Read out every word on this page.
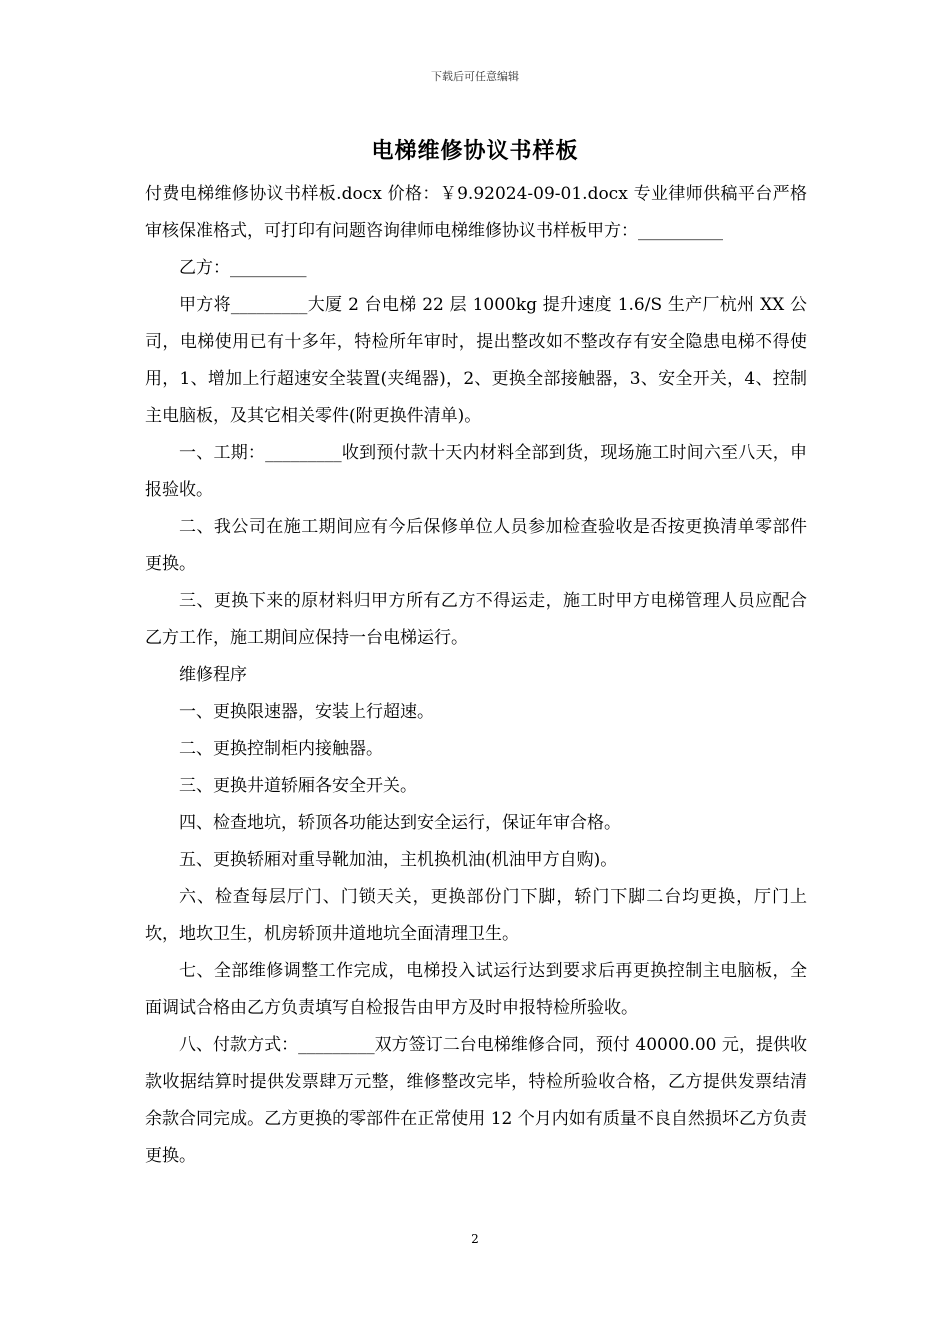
下载后可任意编辑
电梯维修协议书样板

付费电梯维修协议书样板.docx 价格：￥9.92024-09-01.docx 专业律师供稿平台严格审核保准格式，可打印有问题咨询律师电梯维修协议书样板甲方：__________

乙方：_________

甲方将_________大厦 2 台电梯 22 层 1000kg 提升速度 1.6/S 生产厂杭州 XX 公司，电梯使用已有十多年，特检所年审时，提出整改如不整改存有安全隐患电梯不得使用，1、增加上行超速安全装置(夹绳器)，2、更换全部接触器，3、安全开关，4、控制主电脑板，及其它相关零件(附更换件清单)。

一、工期：_________收到预付款十天内材料全部到货，现场施工时间六至八天，申报验收。

二、我公司在施工期间应有今后保修单位人员参加检查验收是否按更换清单零部件更换。

三、更换下来的原材料归甲方所有乙方不得运走，施工时甲方电梯管理人员应配合乙方工作，施工期间应保持一台电梯运行。

维修程序

一、更换限速器，安装上行超速。

二、更换控制柜内接触器。

三、更换井道轿厢各安全开关。

四、检查地坑，轿顶各功能达到安全运行，保证年审合格。

五、更换轿厢对重导靴加油，主机换机油(机油甲方自购)。

六、检查每层厅门、门锁天关，更换部份门下脚，轿门下脚二台均更换，厅门上坎，地坎卫生，机房轿顶井道地坑全面清理卫生。

七、全部维修调整工作完成，电梯投入试运行达到要求后再更换控制主电脑板，全面调试合格由乙方负责填写自检报告由甲方及时申报特检所验收。

八、付款方式：_________双方签订二台电梯维修合同，预付 40000.00 元，提供收款收据结算时提供发票肆万元整，维修整改完毕，特检所验收合格，乙方提供发票结清余款合同完成。乙方更换的零部件在正常使用 12 个月内如有质量不良自然损坏乙方负责更换。

2
